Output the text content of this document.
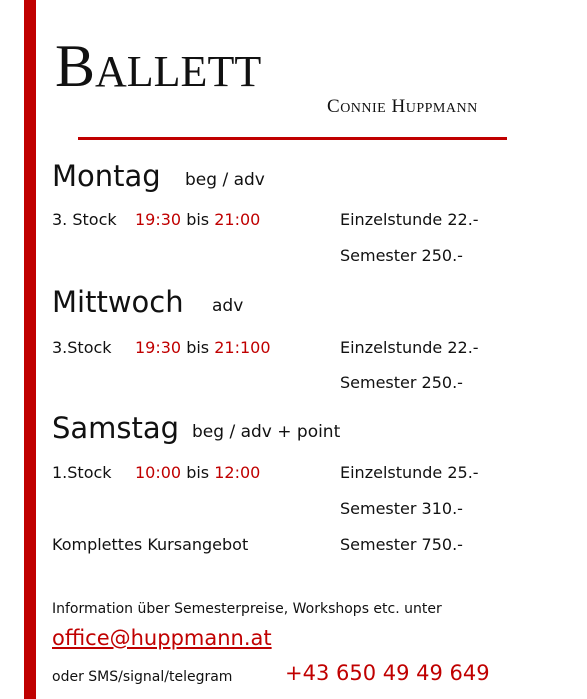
BALLETT
CONNIE HUPPMANN
Montag beg / adv
3. Stock 19:30 bis 21:00	Einzelstunde 22.-
Semester 250.-
Mittwoch adv
3.Stock 19:30 bis 21:100	Einzelstunde 22.-
Semester 250.-
Samstag beg / adv + point
1.Stock 10:00 bis 12:00	Einzelstunde 25.-
Semester 310.-
Komplettes Kursangebot	Semester 750.-
Information über Semesterpreise, Workshops etc. unter
office@huppmann.at
oder SMS/signal/telegram	+43 650 49 49 649
